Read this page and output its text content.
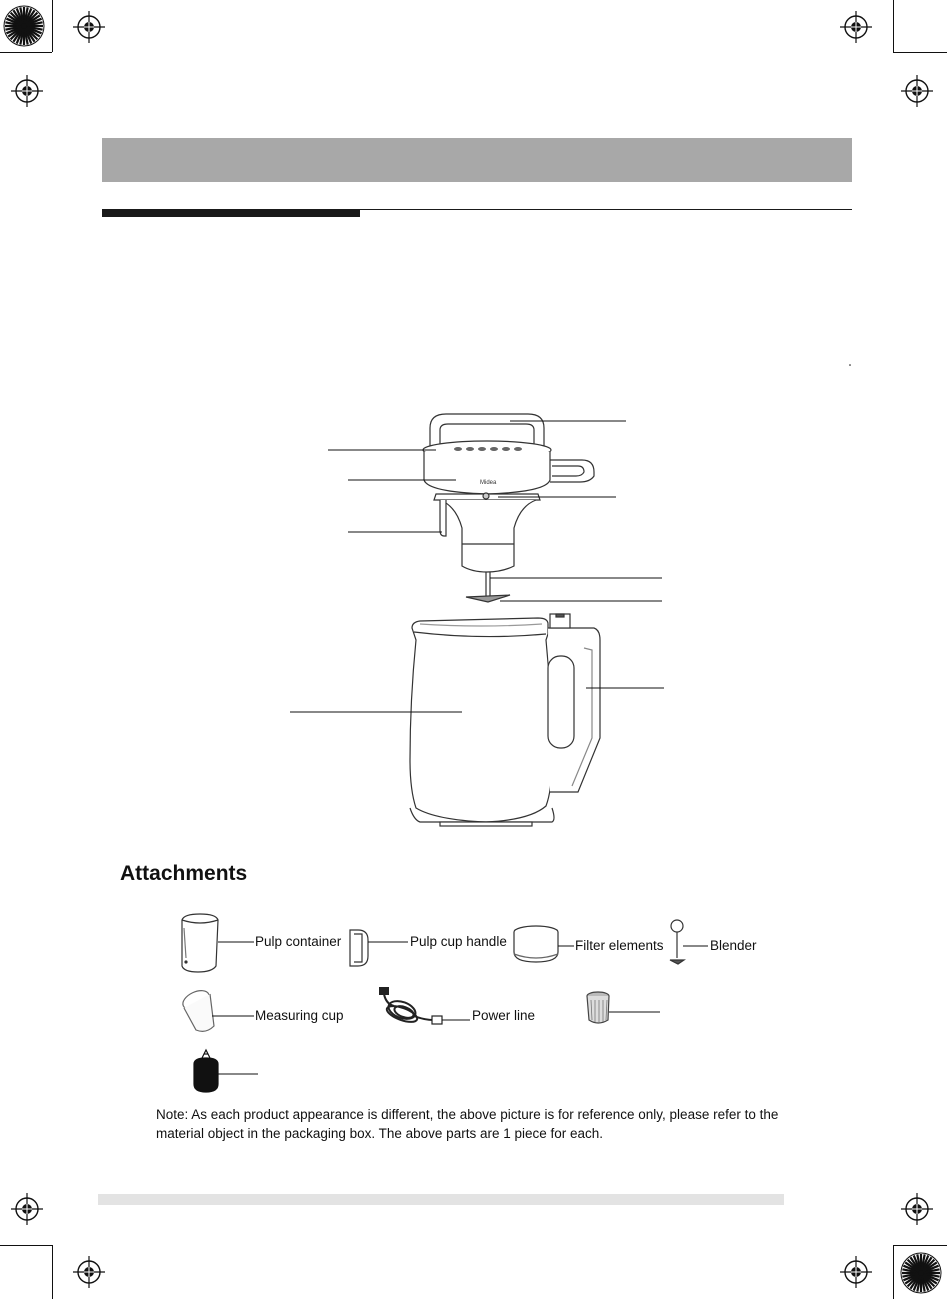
Midea
Attachments
Pulp container	Pulp cup handle	Filter elements	Blender
Measuring cup	Power line
Note: As each product appearance is different, the above picture is for reference only, please refer to the material object in the packaging box. The above parts are 1 piece for each.
